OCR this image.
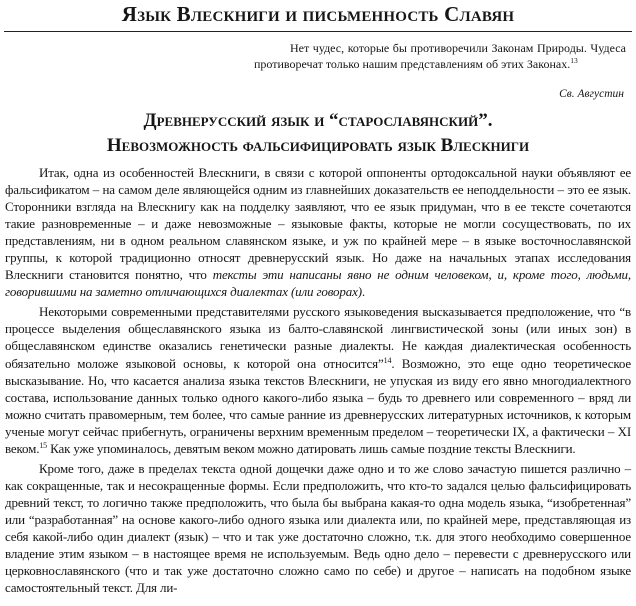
Язык Влескниги и письменность Славян

Нет чудес, которые бы противоречили Законам Природы. Чудеса противоречат только нашим представлениям об этих Законах.$^{13}$

Св. Августин

Древнерусский язык и “старославянский”.
Невозможность фальсифицировать язык Влескниги

Итак, одна из особенностей Влескниги, в связи с которой оппоненты ортодоксальной науки объявляют ее фальсификатом – на самом деле являющейся одним из главнейших доказательств ее неподдельности – это ее язык. Сторонники взгляда на Влескнигу как на подделку заявляют, что ее язык придуман, что в ее тексте сочетаются такие разновременные – и даже невозможные – языковые факты, которые не могли сосуществовать, по их представлениям, ни в одном реальном славянском языке, и уж по крайней мере – в языке восточнославянской группы, к которой традиционно относят древнерусский язык. Но даже на начальных этапах исследования Влескниги становится понятно, что тексты эти написаны явно не одним человеком, и, кроме того, людьми, говорившими на заметно отличающихся диалектах (или говорах).

Некоторыми современными представителями русского языковедения высказывается предположение, что “в процессе выделения общеславянского языка из балто-славянской лингвистической зоны (или иных зон) в общеславянском единстве оказались генетически разные диалекты. Не каждая диалектическая особенность обязательно моложе языковой основы, к которой она относится”$^{14}$. Возможно, это еще одно теоретическое высказывание. Но, что касается анализа языка текстов Влескниги, не упуская из виду его явно многодиалектного состава, использование данных только одного какого-либо языка – будь то древнего или современного – вряд ли можно считать правомерным, тем более, что самые ранние из древнерусских литературных источников, к которым ученые могут сейчас прибегнуть, ограничены верхним временным пределом – теоретически IX, а фактически – XI веком.$^{15}$ Как уже упоминалось, девятым веком можно датировать лишь самые поздние тексты Влескниги.

Кроме того, даже в пределах текста одной дощечки даже одно и то же слово зачастую пишется различно – как сокращенные, так и несокращенные формы. Если предположить, что кто-то задался целью фальсифицировать древний текст, то логично также предположить, что была бы выбрана какая-то одна модель языка, “изобретенная” или “разработанная” на основе какого-либо одного языка или диалекта или, по крайней мере, представляющая из себя какой-либо один диалект (язык) – что и так уже достаточно сложно, т.к. для этого необходимо совершенное владение этим языком – в настоящее время не используемым. Ведь одно дело – перевести с древнерусского или церковнославянского (что и так уже достаточно сложно само по себе) и другое – написать на подобном языке самостоятельный текст. Для ли-
